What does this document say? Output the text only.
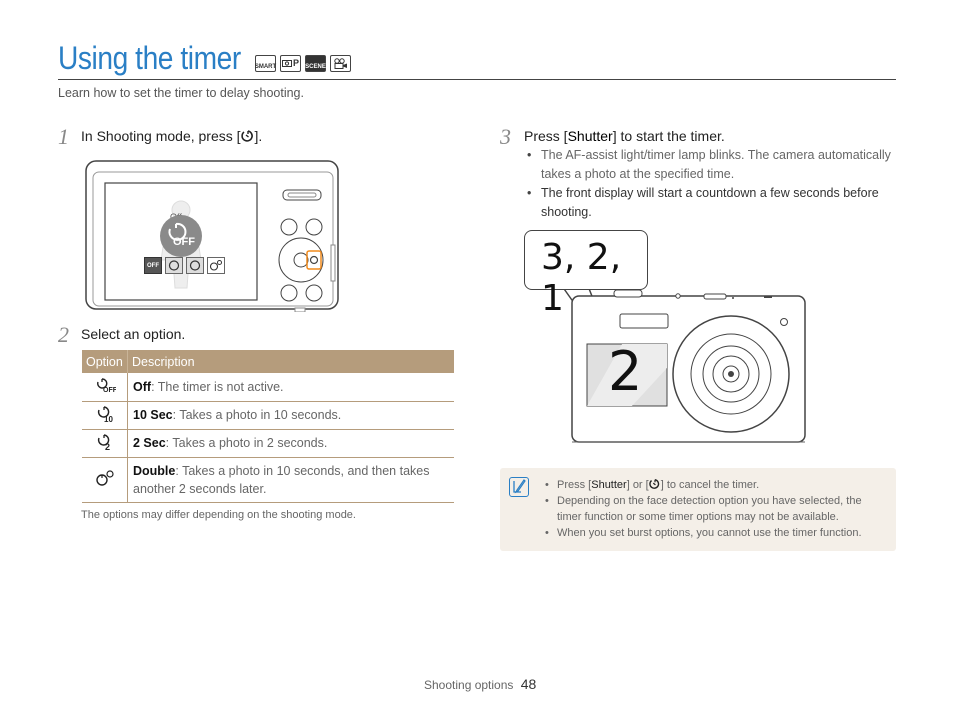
Using the timer SMART P SCENE
Learn how to set the timer to delay shooting.
1 In Shooting mode, press [ ].
OFF
OFF
2 Select an option.
Option	Description

OFF	Off: The timer is not active.

10	10 Sec: Takes a photo in 10 seconds.

2	2 Sec: Takes a photo in 2 seconds.
	Double: Takes a photo in 10 seconds, and then takes another 2 seconds later.
The options may differ depending on the shooting mode.
3 Press [Shutter] to start the timer.
• The AF-assist light/timer lamp blinks. The camera automatically takes a photo at the specified time.
• The front display will start a countdown a few seconds before shooting.
3, 2, 1
2
• Press [Shutter] or [ ] to cancel the timer.
• Depending on the face detection option you have selected, the timer function or some timer options may not be available.
• When you set burst options, you cannot use the timer function.
Shooting options 48
